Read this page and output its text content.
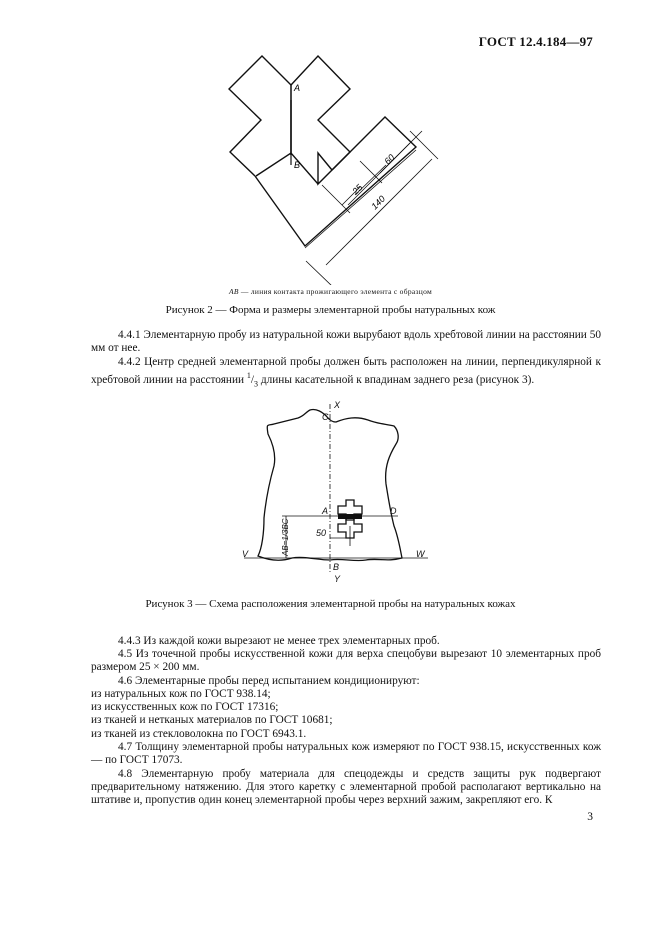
ГОСТ 12.4.184—97
A
B
25
60
140
АВ — линия контакта прожигающего элемента с образцом
Рисунок 2 — Форма и размеры элементарной пробы натуральных кож
4.4.1 Элементарную пробу из натуральной кожи вырубают вдоль хребтовой линии на расстоянии 50 мм от нее.
4.4.2 Центр средней элементарной пробы должен быть расположен на линии, перпендикулярной к хребтовой линии на расстоянии $^1/_3$ длины касательной к впадинам заднего реза (рисунок 3).
X
C
A	D
B
V	W
Y
50
АВ=1/3ВС
Рисунок 3 — Схема расположения элементарной пробы на натуральных кожах
4.4.3 Из каждой кожи вырезают не менее трех элементарных проб.
4.5 Из точечной пробы искусственной кожи для верха спецобуви вырезают 10 элементарных проб размером 25 × 200 мм.
4.6 Элементарные пробы перед испытанием кондиционируют:
из натуральных кож по ГОСТ 938.14;
из искусственных кож по ГОСТ 17316;
из тканей и нетканых материалов по ГОСТ 10681;
из тканей из стекловолокна по ГОСТ 6943.1.
4.7 Толщину элементарной пробы натуральных кож измеряют по ГОСТ 938.15, искусственных кож — по ГОСТ 17073.
4.8 Элементарную пробу материала для спецодежды и средств защиты рук подвергают предварительному натяжению. Для этого каретку с элементарной пробой располагают вертикально на штативе и, пропустив один конец элементарной пробы через верхний зажим, закрепляют его. К
3
